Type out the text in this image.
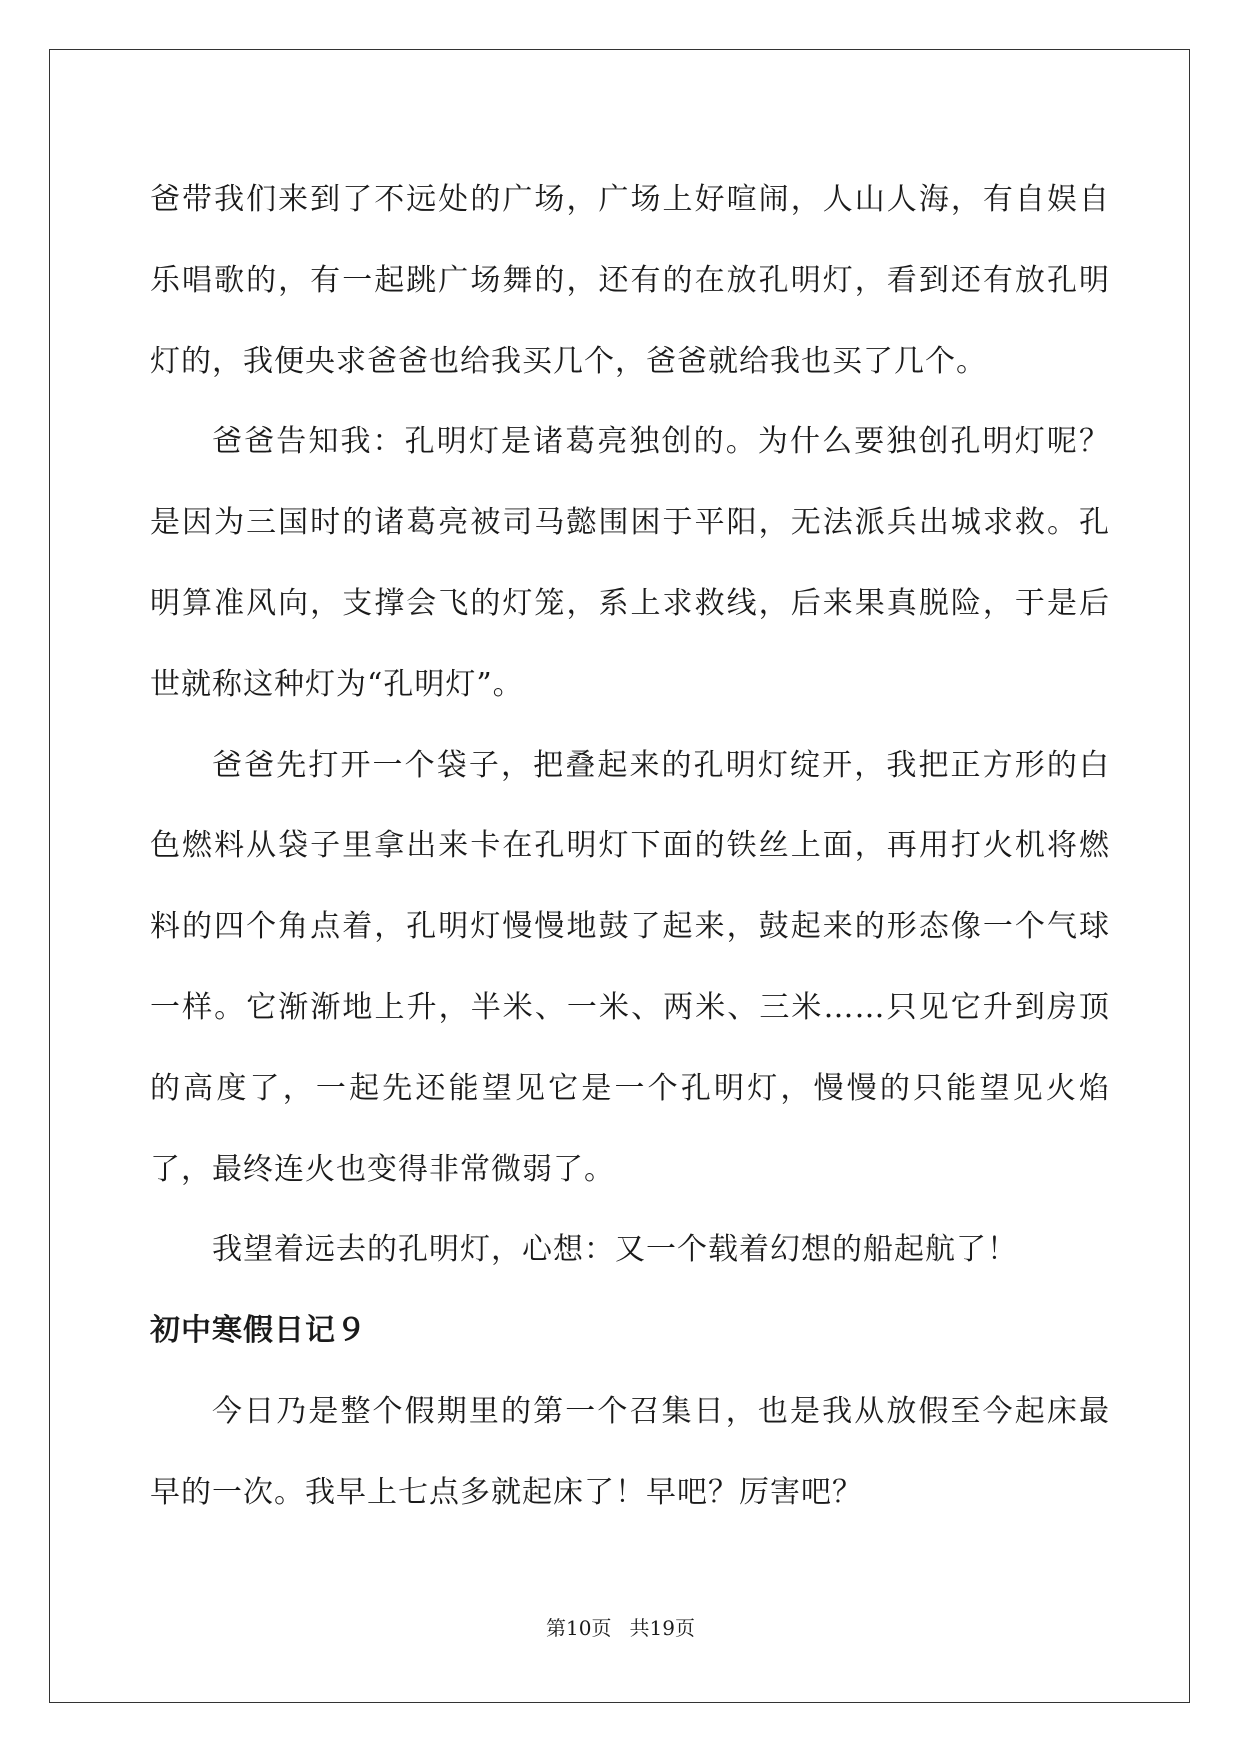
爸带我们来到了不远处的广场，广场上好喧闹，人山人海，有自娱自乐唱歌的，有一起跳广场舞的，还有的在放孔明灯，看到还有放孔明灯的，我便央求爸爸也给我买几个，爸爸就给我也买了几个。

爸爸告知我：孔明灯是诸葛亮独创的。为什么要独创孔明灯呢？是因为三国时的诸葛亮被司马懿围困于平阳，无法派兵出城求救。孔明算准风向，支撑会飞的灯笼，系上求救线，后来果真脱险，于是后世就称这种灯为“孔明灯”。

爸爸先打开一个袋子，把叠起来的孔明灯绽开，我把正方形的白色燃料从袋子里拿出来卡在孔明灯下面的铁丝上面，再用打火机将燃料的四个角点着，孔明灯慢慢地鼓了起来，鼓起来的形态像一个气球一样。它渐渐地上升，半米、一米、两米、三米……只见它升到房顶的高度了，一起先还能望见它是一个孔明灯，慢慢的只能望见火焰了，最终连火也变得非常微弱了。

我望着远去的孔明灯，心想：又一个载着幻想的船起航了！

初中寒假日记９

今日乃是整个假期里的第一个召集日，也是我从放假至今起床最早的一次。我早上七点多就起床了！早吧？厉害吧？

第10页 共19页
